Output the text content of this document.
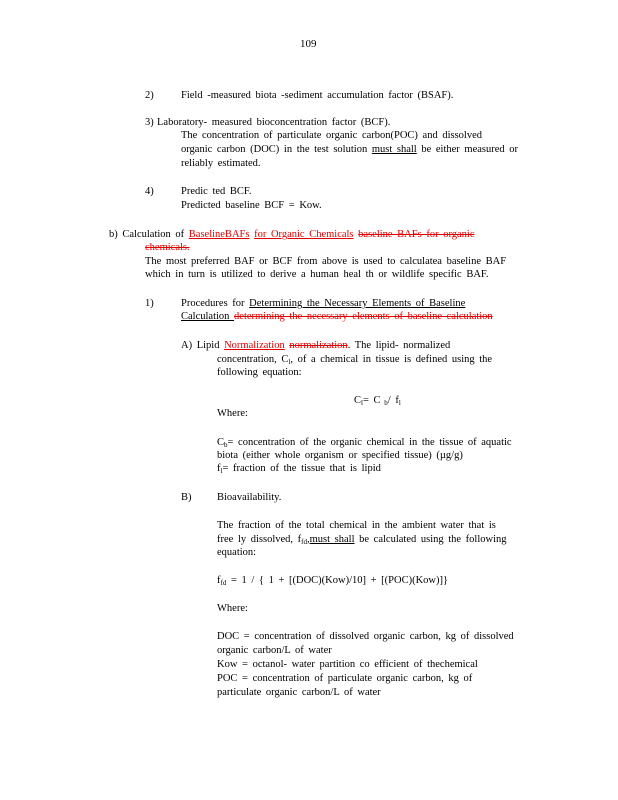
109
2)	Field -measured biota -sediment accumulation factor (BSAF).
3) Laboratory- measured bioconcentration factor (BCF).
The concentration of particulate organic carbon(POC) and dissolved
organic carbon (DOC) in the test solution must shall be either measured or
reliably estimated.
4)	Predic ted BCF.
Predicted baseline BCF = Kow.
b) Calculation of BaselineBAFs for Organic Chemicals baseline BAFs for organic
chemicals.
The most preferred BAF or BCF from above is used to calculatea baseline BAF
which in turn is utilized to derive a human heal th or wildlife specific BAF.
1)	Procedures for Determining the Necessary Elements of Baseline
Calculation determining the necessary elements of baseline calculation
A) Lipid Normalization normalization. The lipid- normalized
concentration, $C_l$, of a chemical in tissue is defined using the
following equation:
$C_l= C$ $_b$/ $f_l$
Where:
$C_b=$ concentration of the organic chemical in the tissue of aquatic
biota (either whole organism or specified tissue) (µg/g)
$f_l=$ fraction of the tissue that is lipid
B) Bioavailability.
The fraction of the total chemical in the ambient water that is
free ly dissolved, $f_{fd},must$ shall be calculated using the following
equation:
$f_{fd} = 1$ / { 1 + [(DOC)(Kow)/10] + [(POC)(Kow)]}
Where:
DOC = concentration of dissolved organic carbon, kg of dissolved
organic carbon/L of water
Kow = octanol- water partition co efficient of thechemical
POC = concentration of particulate organic carbon, kg of
particulate organic carbon/L of water
